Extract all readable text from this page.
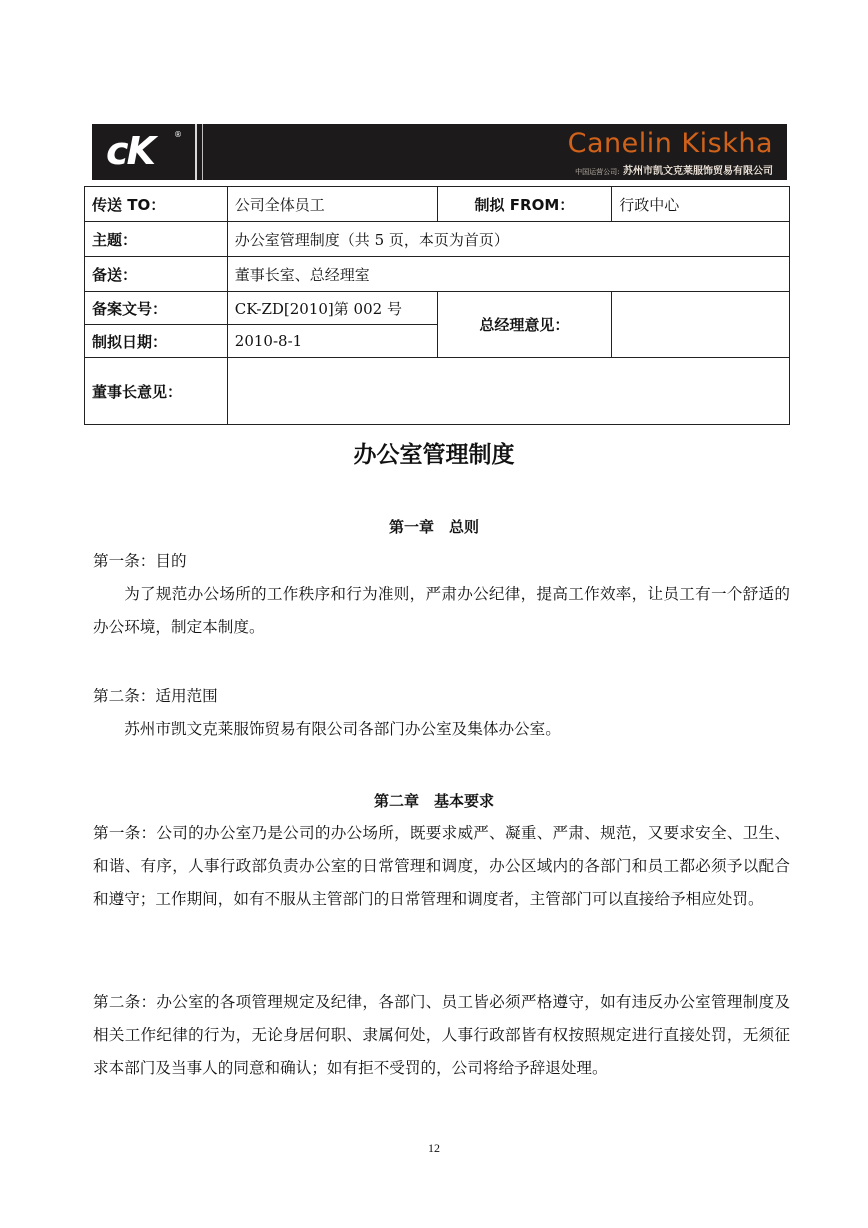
cK	®	Canelin Kiskha
中国运营公司: 苏州市凯文克莱服饰贸易有限公司
传送 TO：	公司全体员工	制拟 FROM：	行政中心
主题：	办公室管理制度（共 5 页，本页为首页）		
备送：	董事长室、总经理室		
备案文号：	CK-ZD[2010]第 002 号	总经理意见：	
制拟日期：	2010-8-1		
董事长意见：			
办公室管理制度
第一章　总则

第一条：目的

为了规范办公场所的工作秩序和行为准则，严肃办公纪律，提高工作效率，让员工有一个舒适的办公环境，制定本制度。

第二条：适用范围

苏州市凯文克莱服饰贸易有限公司各部门办公室及集体办公室。

第二章　基本要求

第一条：公司的办公室乃是公司的办公场所，既要求威严、凝重、严肃、规范，又要求安全、卫生、和谐、有序，人事行政部负责办公室的日常管理和调度，办公区域内的各部门和员工都必须予以配合和遵守；工作期间，如有不服从主管部门的日常管理和调度者，主管部门可以直接给予相应处罚。

第二条：办公室的各项管理规定及纪律，各部门、员工皆必须严格遵守，如有违反办公室管理制度及相关工作纪律的行为，无论身居何职、隶属何处，人事行政部皆有权按照规定进行直接处罚，无须征求本部门及当事人的同意和确认；如有拒不受罚的，公司将给予辞退处理。

12
